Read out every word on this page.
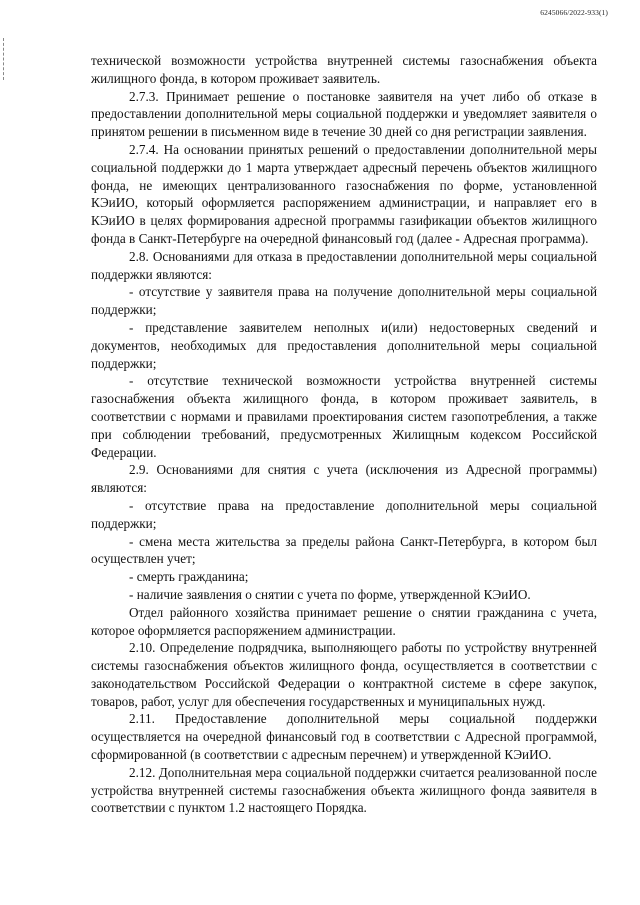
6245066/2022-933(1)

технической возможности устройства внутренней системы газоснабжения объекта жилищного фонда, в котором проживает заявитель.

2.7.3. Принимает решение о постановке заявителя на учет либо об отказе в предоставлении дополнительной меры социальной поддержки и уведомляет заявителя о принятом решении в письменном виде в течение 30 дней со дня регистрации заявления.

2.7.4. На основании принятых решений о предоставлении дополнительной меры социальной поддержки до 1 марта утверждает адресный перечень объектов жилищного фонда, не имеющих централизованного газоснабжения по форме, установленной КЭиИО, который оформляется распоряжением администрации, и направляет его в КЭиИО в целях формирования адресной программы газификации объектов жилищного фонда в Санкт-Петербурге на очередной финансовый год (далее - Адресная программа).

2.8. Основаниями для отказа в предоставлении дополнительной меры социальной поддержки являются:

- отсутствие у заявителя права на получение дополнительной меры социальной поддержки;

- представление заявителем неполных и(или) недостоверных сведений и документов, необходимых для предоставления дополнительной меры социальной поддержки;

- отсутствие технической возможности устройства внутренней системы газоснабжения объекта жилищного фонда, в котором проживает заявитель, в соответствии с нормами и правилами проектирования систем газопотребления, а также при соблюдении требований, предусмотренных Жилищным кодексом Российской Федерации.

2.9. Основаниями для снятия с учета (исключения из Адресной программы) являются:

- отсутствие права на предоставление дополнительной меры социальной поддержки;

- смена места жительства за пределы района Санкт-Петербурга, в котором был осуществлен учет;

- смерть гражданина;

- наличие заявления о снятии с учета по форме, утвержденной КЭиИО.

Отдел районного хозяйства принимает решение о снятии гражданина с учета, которое оформляется распоряжением администрации.

2.10. Определение подрядчика, выполняющего работы по устройству внутренней системы газоснабжения объектов жилищного фонда, осуществляется в соответствии с законодательством Российской Федерации о контрактной системе в сфере закупок, товаров, работ, услуг для обеспечения государственных и муниципальных нужд.

2.11. Предоставление дополнительной меры социальной поддержки осуществляется на очередной финансовый год в соответствии с Адресной программой, сформированной (в соответствии с адресным перечнем) и утвержденной КЭиИО.

2.12. Дополнительная мера социальной поддержки считается реализованной после устройства внутренней системы газоснабжения объекта жилищного фонда заявителя в соответствии с пунктом 1.2 настоящего Порядка.
